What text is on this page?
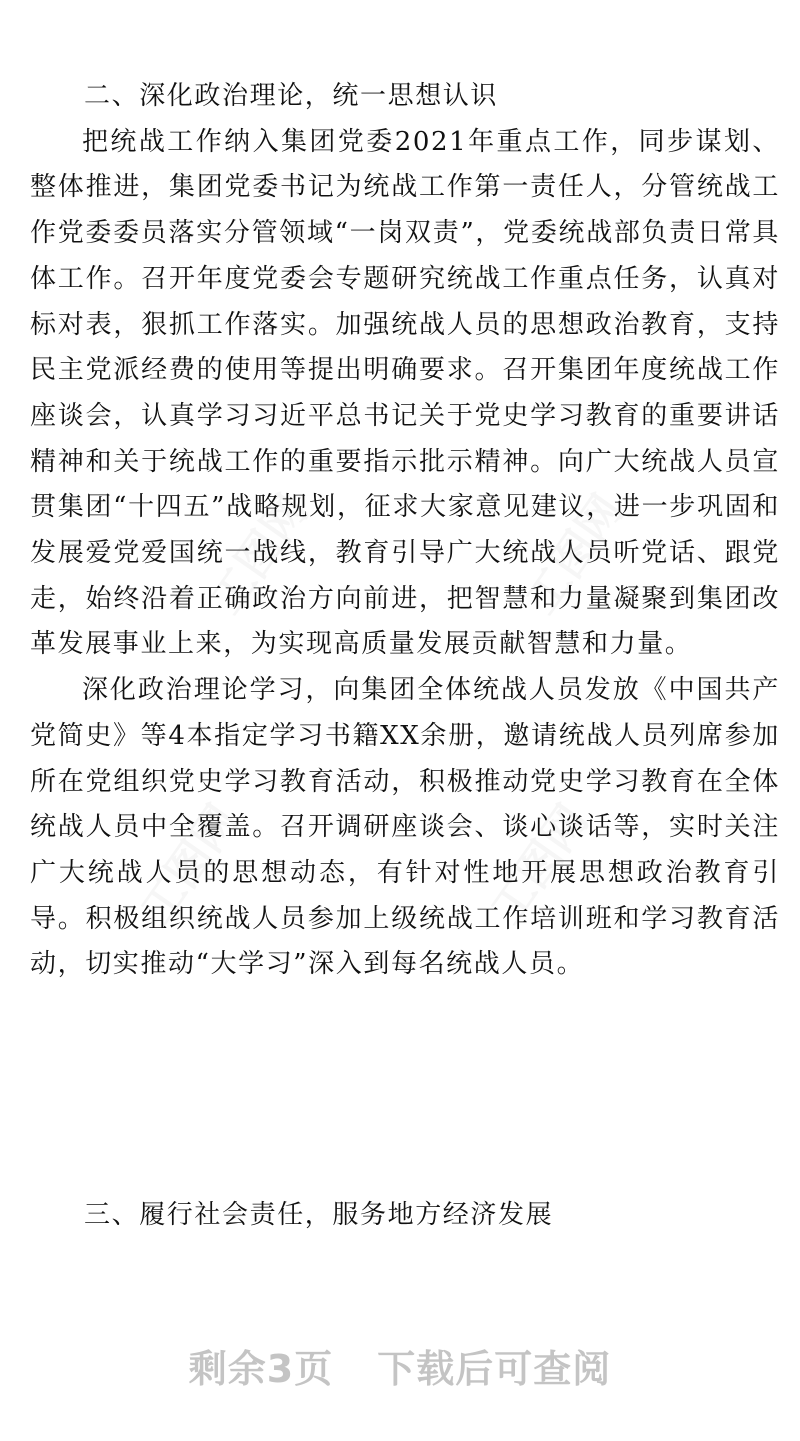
工图网	工图网
工图网
工图网

二、深化政治理论，统一思想认识

把统战工作纳入集团党委2021年重点工作，同步谋划、整体推进，集团党委书记为统战工作第一责任人，分管统战工作党委委员落实分管领域“一岗双责”，党委统战部负责日常具体工作。召开年度党委会专题研究统战工作重点任务，认真对标对表，狠抓工作落实。加强统战人员的思想政治教育，支持民主党派经费的使用等提出明确要求。召开集团年度统战工作座谈会，认真学习习近平总书记关于党史学习教育的重要讲话精神和关于统战工作的重要指示批示精神。向广大统战人员宣贯集团“十四五”战略规划，征求大家意见建议，进一步巩固和发展爱党爱国统一战线，教育引导广大统战人员听党话、跟党走，始终沿着正确政治方向前进，把智慧和力量凝聚到集团改革发展事业上来，为实现高质量发展贡献智慧和力量。

深化政治理论学习，向集团全体统战人员发放《中国共产党简史》等4本指定学习书籍XX余册，邀请统战人员列席参加所在党组织党史学习教育活动，积极推动党史学习教育在全体统战人员中全覆盖。召开调研座谈会、谈心谈话等，实时关注广大统战人员的思想动态，有针对性地开展思想政治教育引导。积极组织统战人员参加上级统战工作培训班和学习教育活动，切实推动“大学习”深入到每名统战人员。

三、履行社会责任，服务地方经济发展

剩余3页 下载后可查阅
